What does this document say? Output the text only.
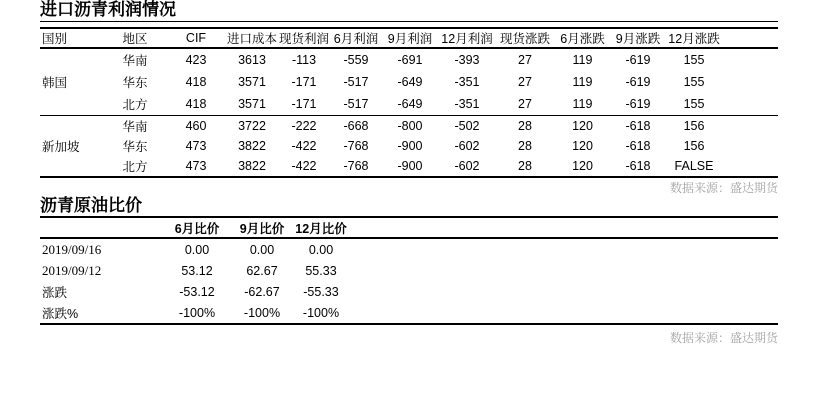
进口沥青利润情况
国别	地区	CIF	进口成本	现货利润	6月利润	9月利润	12月利润	现货涨跌	6月涨跌	9月涨跌	12月涨跌	
韩国	华南	423	3613	-113	-559	-691	-393	27	119	-619	155	
	华东	418	3571	-171	-517	-649	-351	27	119	-619	155	
	北方	418	3571	-171	-517	-649	-351	27	119	-619	155	
新加坡	华南	460	3722	-222	-668	-800	-502	28	120	-618	156	
	华东	473	3822	-422	-768	-900	-602	28	120	-618	156	
	北方	473	3822	-422	-768	-900	-602	28	120	-618	FALSE	
数据来源：盛达期货
沥青原油比价
	6月比价	9月比价	12月比价	
2019/09/16	0.00	0.00	0.00	
2019/09/12	53.12	62.67	55.33	
涨跌	-53.12	-62.67	-55.33	
涨跌%	-100%	-100%	-100%	
数据来源：盛达期货
